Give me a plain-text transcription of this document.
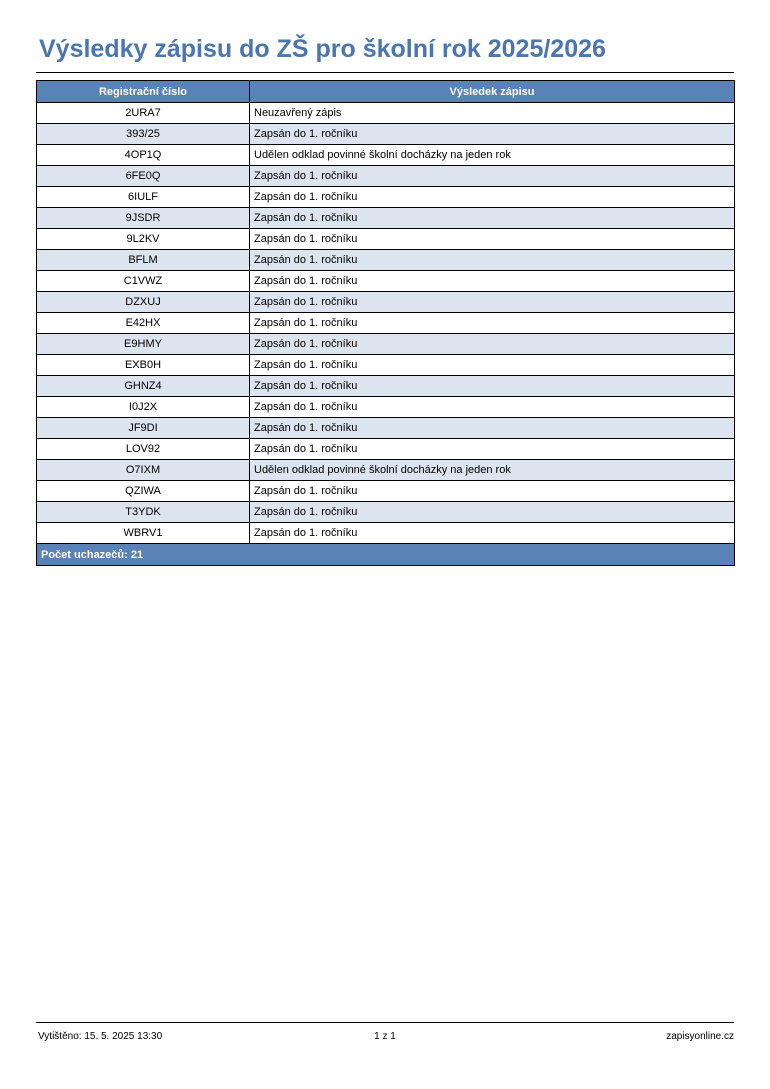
Výsledky zápisu do ZŠ pro školní rok 2025/2026
Registrační číslo	Výsledek zápisu
2URA7	Neuzavřený zápis
393/25	Zapsán do 1. ročníku
4OP1Q	Udělen odklad povinné školní docházky na jeden rok
6FE0Q	Zapsán do 1. ročníku
6IULF	Zapsán do 1. ročníku
9JSDR	Zapsán do 1. ročníku
9L2KV	Zapsán do 1. ročníku
BFLM	Zapsán do 1. ročníku
C1VWZ	Zapsán do 1. ročníku
DZXUJ	Zapsán do 1. ročníku
E42HX	Zapsán do 1. ročníku
E9HMY	Zapsán do 1. ročníku
EXB0H	Zapsán do 1. ročníku
GHNZ4	Zapsán do 1. ročníku
I0J2X	Zapsán do 1. ročníku
JF9DI	Zapsán do 1. ročníku
LOV92	Zapsán do 1. ročníku
O7IXM	Udělen odklad povinné školní docházky na jeden rok
QZIWA	Zapsán do 1. ročníku
T3YDK	Zapsán do 1. ročníku
WBRV1	Zapsán do 1. ročníku
Počet uchazečů: 21	
Vytištěno: 15. 5. 2025 13:30	1 z 1	zapisyonline.cz
